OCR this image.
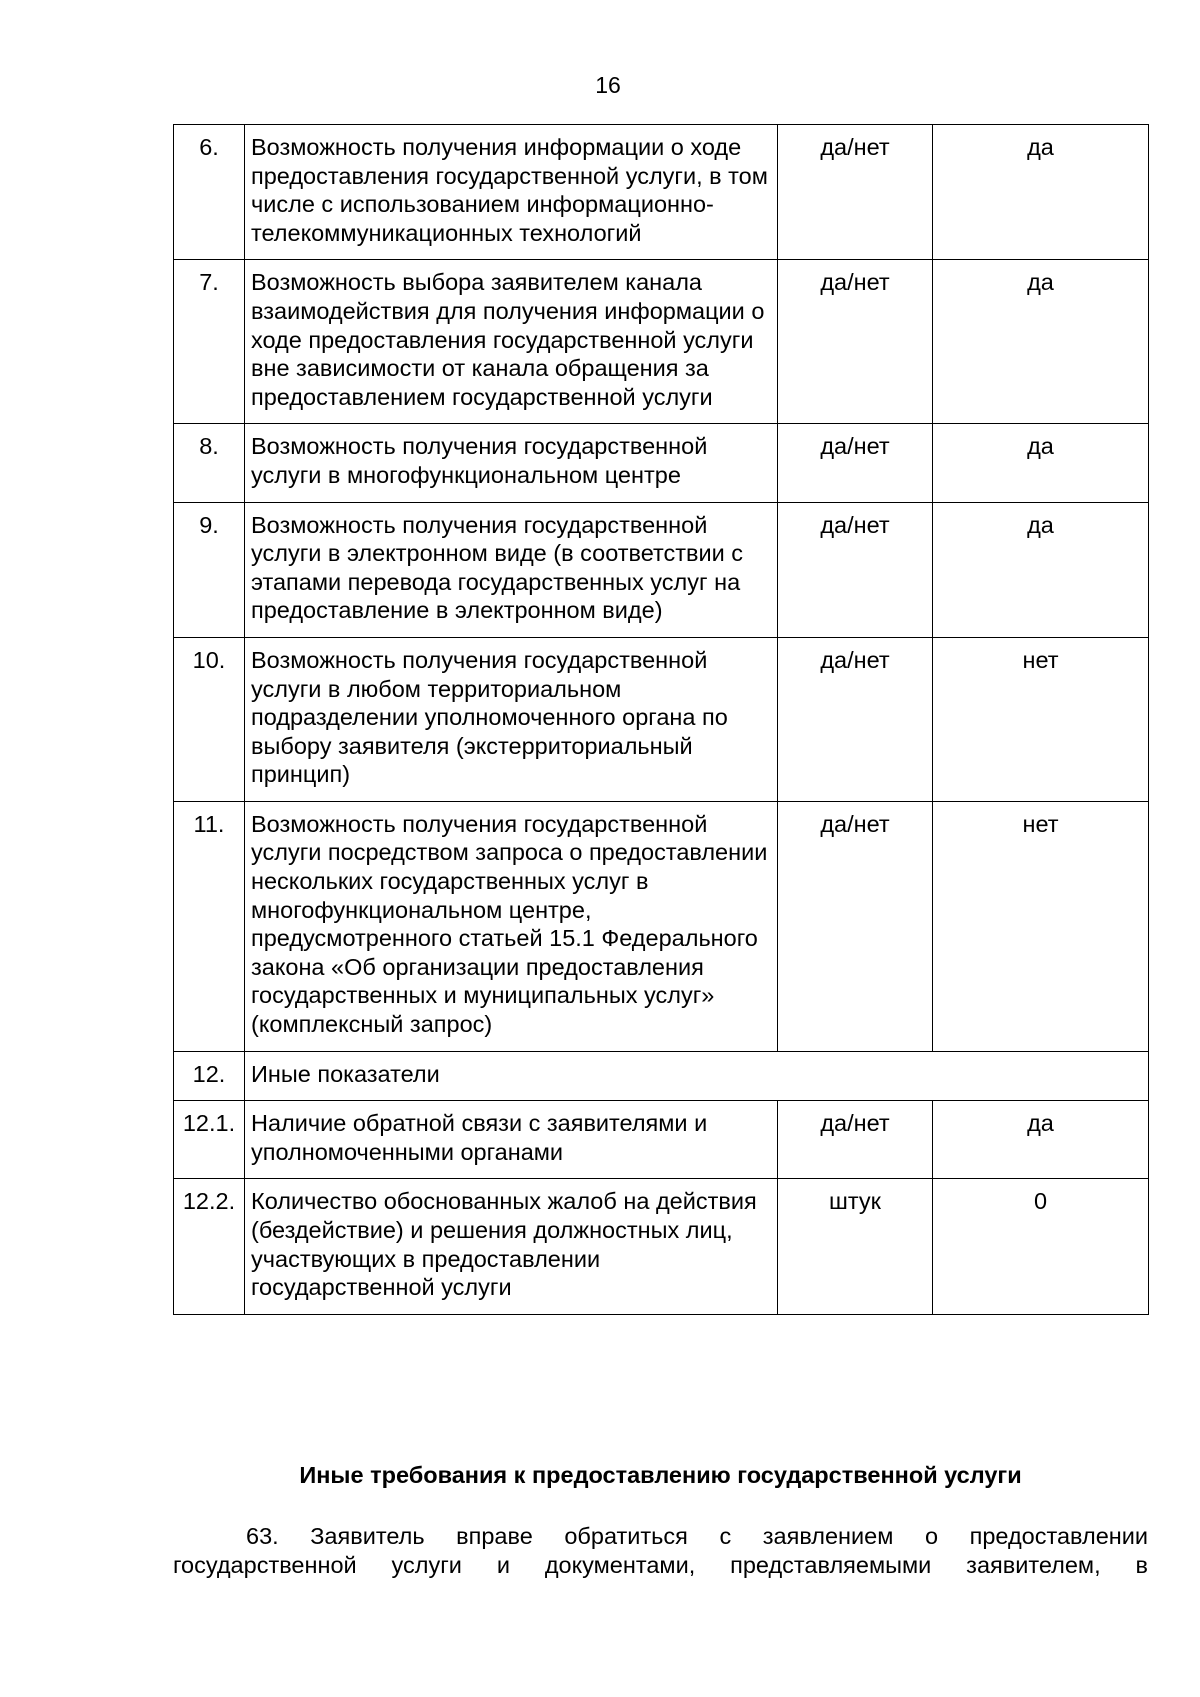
16
6.	Возможность получения информации о ходе предоставления государственной услуги, в том числе с использованием информационно-телекоммуникационных технологий	да/нет	да
7.	Возможность выбора заявителем канала взаимодействия для получения информации о ходе предоставления государственной услуги вне зависимости от канала обращения за предоставлением государственной услуги	да/нет	да
8.	Возможность получения государственной услуги в многофункциональном центре	да/нет	да
9.	Возможность получения государственной услуги в электронном виде (в соответствии с этапами перевода государственных услуг на предоставление в электронном виде)	да/нет	да
10.	Возможность получения государственной услуги в любом территориальном подразделении уполномоченного органа по выбору заявителя (экстерриториальный принцип)	да/нет	нет
11.	Возможность получения государственной услуги посредством запроса о предоставлении нескольких государственных услуг в многофункциональном центре, предусмотренного статьей 15.1 Федерального закона «Об организации предоставления государственных и муниципальных услуг» (комплексный запрос)	да/нет	нет
12.	Иные показатели		
12.1.	Наличие обратной связи с заявителями и уполномоченными органами	да/нет	да
12.2.	Количество обоснованных жалоб на действия (бездействие) и решения должностных лиц, участвующих в предоставлении государственной услуги	штук	0
Иные требования к предоставлению государственной услуги
63. Заявитель вправе обратиться с заявлением о предоставлении
государственной услуги и документами, представляемыми заявителем, в
